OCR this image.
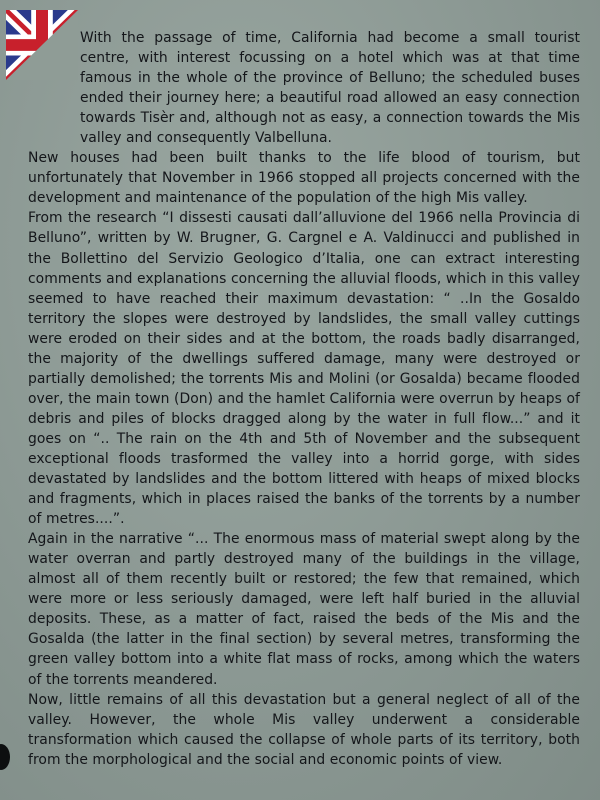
With the passage of time, California had become a small tourist centre, with interest focussing on a hotel which was at that time famous in the whole of the province of Belluno; the scheduled buses ended their journey here; a beautiful road allowed an easy connection towards Tisèr and, although not as easy, a connection towards the Mis valley and consequently Valbelluna.

New houses had been built thanks to the life blood of tourism, but unfortunately that November in 1966 stopped all projects concerned with the development and maintenance of the population of the high Mis valley.

From the research “I dissesti causati dall’alluvione del 1966 nella Provincia di Belluno”, written by W. Brugner, G. Cargnel e A. Valdinucci and published in the Bollettino del Servizio Geologico d’Italia, one can extract interesting comments and explanations concerning the alluvial floods, which in this valley seemed to have reached their maximum devastation: “ ..In the Gosaldo territory the slopes were destroyed by landslides, the small valley cuttings were eroded on their sides and at the bottom, the roads badly disarranged, the majority of the dwellings suffered damage, many were destroyed or partially demolished; the torrents Mis and Molini (or Gosalda) became flooded over, the main town (Don) and the hamlet California were overrun by heaps of debris and piles of blocks dragged along by the water in full flow...” and it goes on “.. The rain on the 4th and 5th of November and the subsequent exceptional floods trasformed the valley into a horrid gorge, with sides devastated by landslides and the bottom littered with heaps of mixed blocks and fragments, which in places raised the banks of the torrents by a number of metres....”.

Again in the narrative “... The enormous mass of material swept along by the water overran and partly destroyed many of the buildings in the village, almost all of them recently built or restored; the few that remained, which were more or less seriously damaged, were left half buried in the alluvial deposits. These, as a matter of fact, raised the beds of the Mis and the Gosalda (the latter in the final section) by several metres, transforming the green valley bottom into a white flat mass of rocks, among which the waters of the torrents meandered.

Now, little remains of all this devastation but a general neglect of all of the valley. However, the whole Mis valley underwent a considerable transformation which caused the collapse of whole parts of its territory, both from the morphological and the social and economic points of view.
